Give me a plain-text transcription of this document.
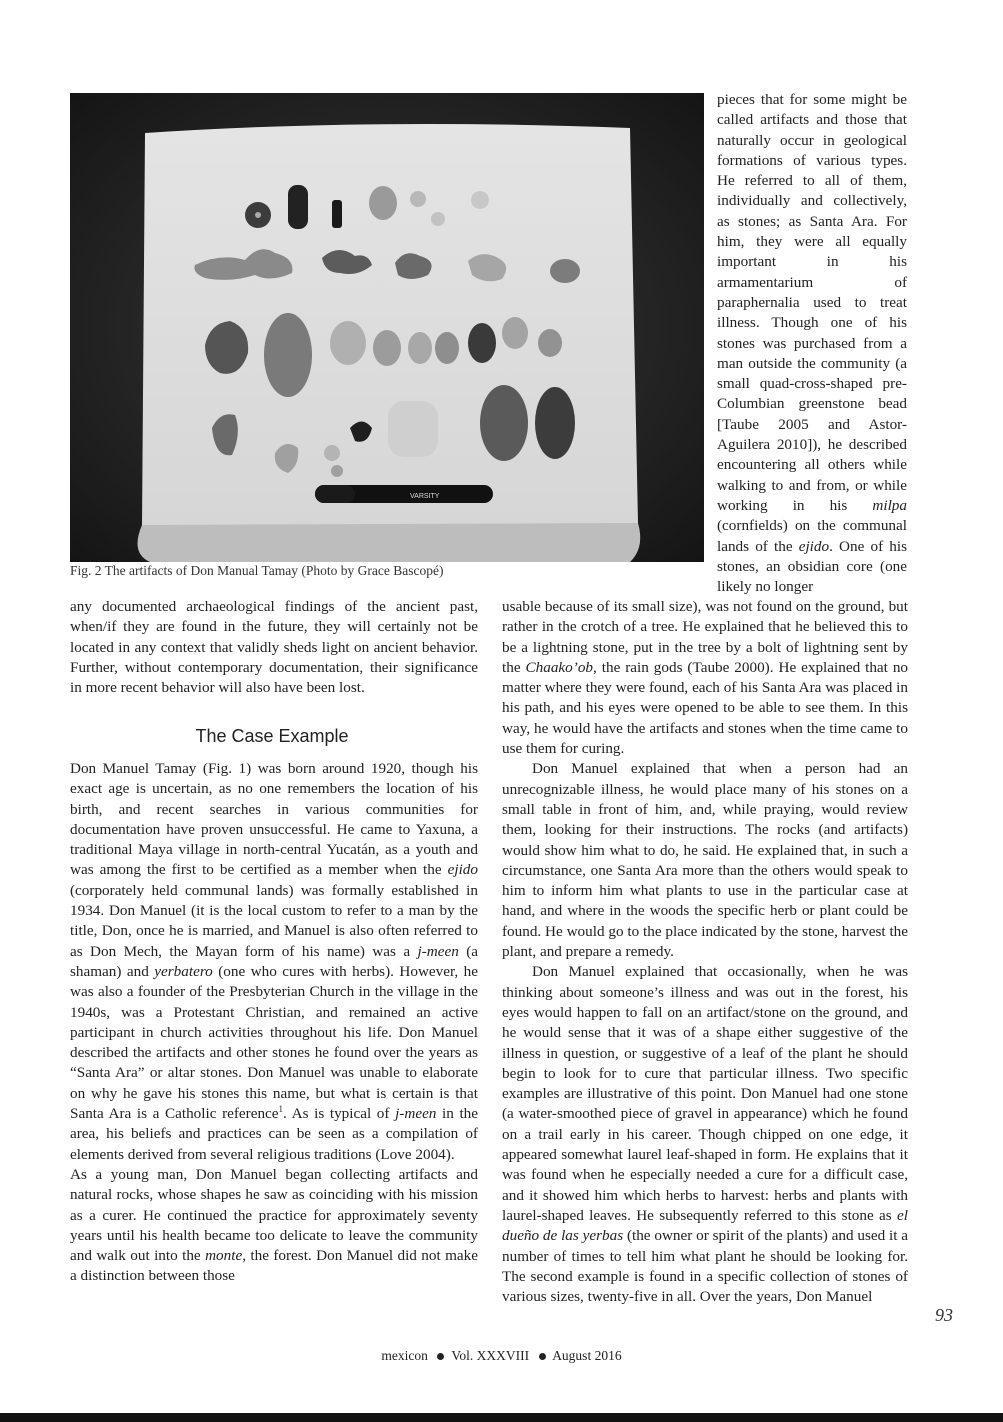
VARSITY
Fig. 2 The artifacts of Don Manual Tamay (Photo by Grace Bascopé)

pieces that for some might be called artifacts and those that naturally occur in geological formations of various types. He referred to all of them, individually and collectively, as stones; as Santa Ara. For him, they were all equally important in his armamentarium of paraphernalia used to treat illness. Though one of his stones was purchased from a man outside the community (a small quad-cross-shaped pre-Columbian greenstone bead [Taube 2005 and Astor-Aguilera 2010]), he described encountering all others while walking to and from, or while working in his milpa (cornfields) on the communal lands of the ejido. One of his stones, an obsidian core (one likely no longer

usable because of its small size), was not found on the ground, but rather in the crotch of a tree. He explained that he believed this to be a lightning stone, put in the tree by a bolt of lightning sent by the Chaako’ob, the rain gods (Taube 2000). He explained that no matter where they were found, each of his Santa Ara was placed in his path, and his eyes were opened to be able to see them. In this way, he would have the artifacts and stones when the time came to use them for curing.

Don Manuel explained that when a person had an unrecognizable illness, he would place many of his stones on a small table in front of him, and, while praying, would review them, looking for their instructions. The rocks (and artifacts) would show him what to do, he said. He explained that, in such a circumstance, one Santa Ara more than the others would speak to him to inform him what plants to use in the particular case at hand, and where in the woods the specific herb or plant could be found. He would go to the place indicated by the stone, harvest the plant, and prepare a remedy.

Don Manuel explained that occasionally, when he was thinking about someone’s illness and was out in the forest, his eyes would happen to fall on an artifact/stone on the ground, and he would sense that it was of a shape either suggestive of the illness in question, or suggestive of a leaf of the plant he should begin to look for to cure that particular illness. Two specific examples are illustrative of this point. Don Manuel had one stone (a water-smoothed piece of gravel in appearance) which he found on a trail early in his career. Though chipped on one edge, it appeared somewhat laurel leaf-shaped in form. He explains that it was found when he especially needed a cure for a difficult case, and it showed him which herbs to harvest: herbs and plants with laurel-shaped leaves. He subsequently referred to this stone as el dueño de las yerbas (the owner or spirit of the plants) and used it a number of times to tell him what plant he should be looking for. The second example is found in a specific collection of stones of various sizes, twenty-five in all. Over the years, Don Manuel

any documented archaeological findings of the ancient past, when/if they are found in the future, they will certainly not be located in any context that validly sheds light on ancient behavior. Further, without contemporary documentation, their significance in more recent behavior will also have been lost.

The Case Example

Don Manuel Tamay (Fig. 1) was born around 1920, though his exact age is uncertain, as no one remembers the location of his birth, and recent searches in various communities for documentation have proven unsuccessful. He came to Yaxuna, a traditional Maya village in north-central Yucatán, as a youth and was among the first to be certified as a member when the ejido (corporately held communal lands) was formally established in 1934. Don Manuel (it is the local custom to refer to a man by the title, Don, once he is married, and Manuel is also often referred to as Don Mech, the Mayan form of his name) was a j-meen (a shaman) and yerbatero (one who cures with herbs). However, he was also a founder of the Presbyterian Church in the village in the 1940s, was a Protestant Christian, and remained an active participant in church activities throughout his life. Don Manuel described the artifacts and other stones he found over the years as “Santa Ara” or altar stones. Don Manuel was unable to elaborate on why he gave his stones this name, but what is certain is that Santa Ara is a Catholic reference$^1$. As is typical of j-meen in the area, his beliefs and practices can be seen as a compilation of elements derived from several religious traditions (Love 2004).

As a young man, Don Manuel began collecting artifacts and natural rocks, whose shapes he saw as coinciding with his mission as a curer. He continued the practice for approximately seventy years until his health became too delicate to leave the community and walk out into the monte, the forest. Don Manuel did not make a distinction between those

93
mexicon Vol. XXXVIII August 2016
